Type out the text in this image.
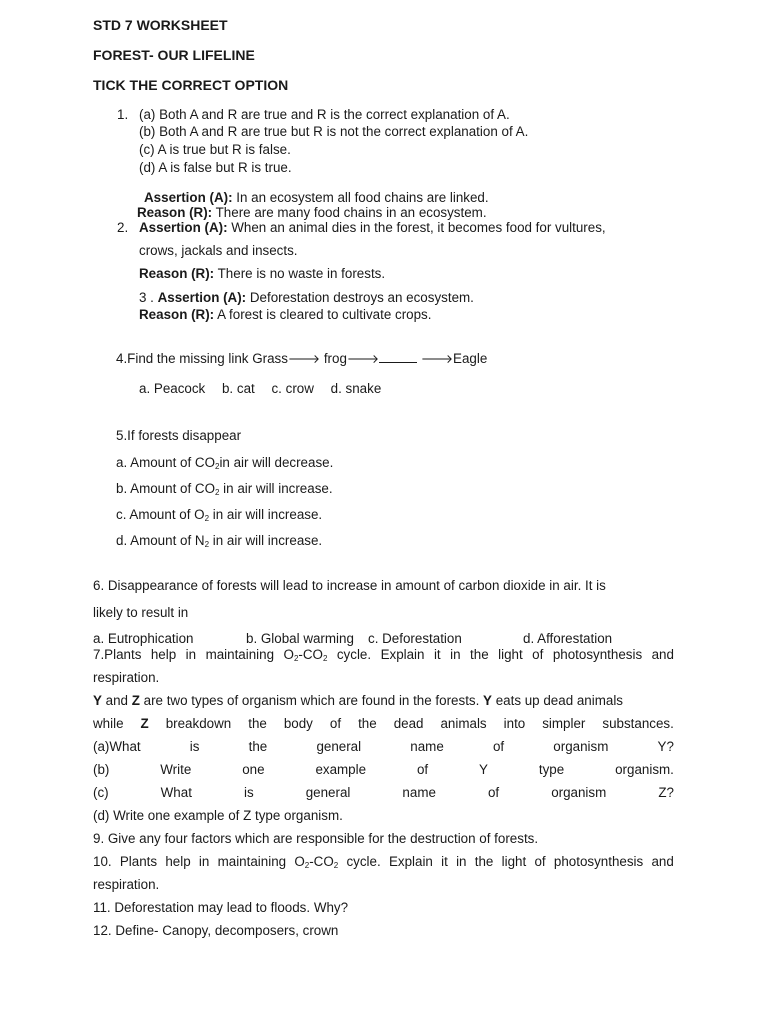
STD 7 WORKSHEET
FOREST- OUR LIFELINE
TICK THE CORRECT OPTION
1. (a) Both A and R are true and R is the correct explanation of A.
(b) Both A and R are true but R is not the correct explanation of A.
(c) A is true but R is false.
(d) A is false but R is true.
Assertion (A): In an ecosystem all food chains are linked.
Reason (R): There are many food chains in an ecosystem.
2. Assertion (A): When an animal dies in the forest, it becomes food for vultures,
crows, jackals and insects.
Reason (R): There is no waste in forests.
3 . Assertion (A): Deforestation destroys an ecosystem.
Reason (R): A forest is cleared to cultivate crops.
4.Find the missing link Grass🡒 frog🡒	🡒Eagle
a. Peacock b. cat c. crow d. snake
5.If forests disappear
a. Amount of $CO_2in$ air will decrease.
b. Amount of $CO_2$ in air will increase.
c. Amount of $O_2$ in air will increase.
d. Amount of $N_2$ in air will increase.
6. Disappearance of forests will lead to increase in amount of carbon dioxide in air. It is
likely to result in
a. Eutrophication	b. Global warming c. Deforestation	d. Afforestation
7.Plants help in maintaining $O_2-CO_2$ cycle. Explain it in the light of photosynthesis and
respiration.
Y and Z are two types of organism which are found in the forests. Y eats up dead animals
while Z breakdown the body of the dead animals into simpler substances.
(a)What	is	the	general	name	of	organism	Y?
(b)	Write	one	example	of	Y	type	organism.
(c)	What	is	general	name	of	organism	Z?
(d) Write one example of Z type organism.
9. Give any four factors which are responsible for the destruction of forests.
10. Plants help in maintaining $O_2-CO_2$ cycle. Explain it in the light of photosynthesis and
respiration.
11. Deforestation may lead to floods. Why?
12. Define- Canopy, decomposers, crown
